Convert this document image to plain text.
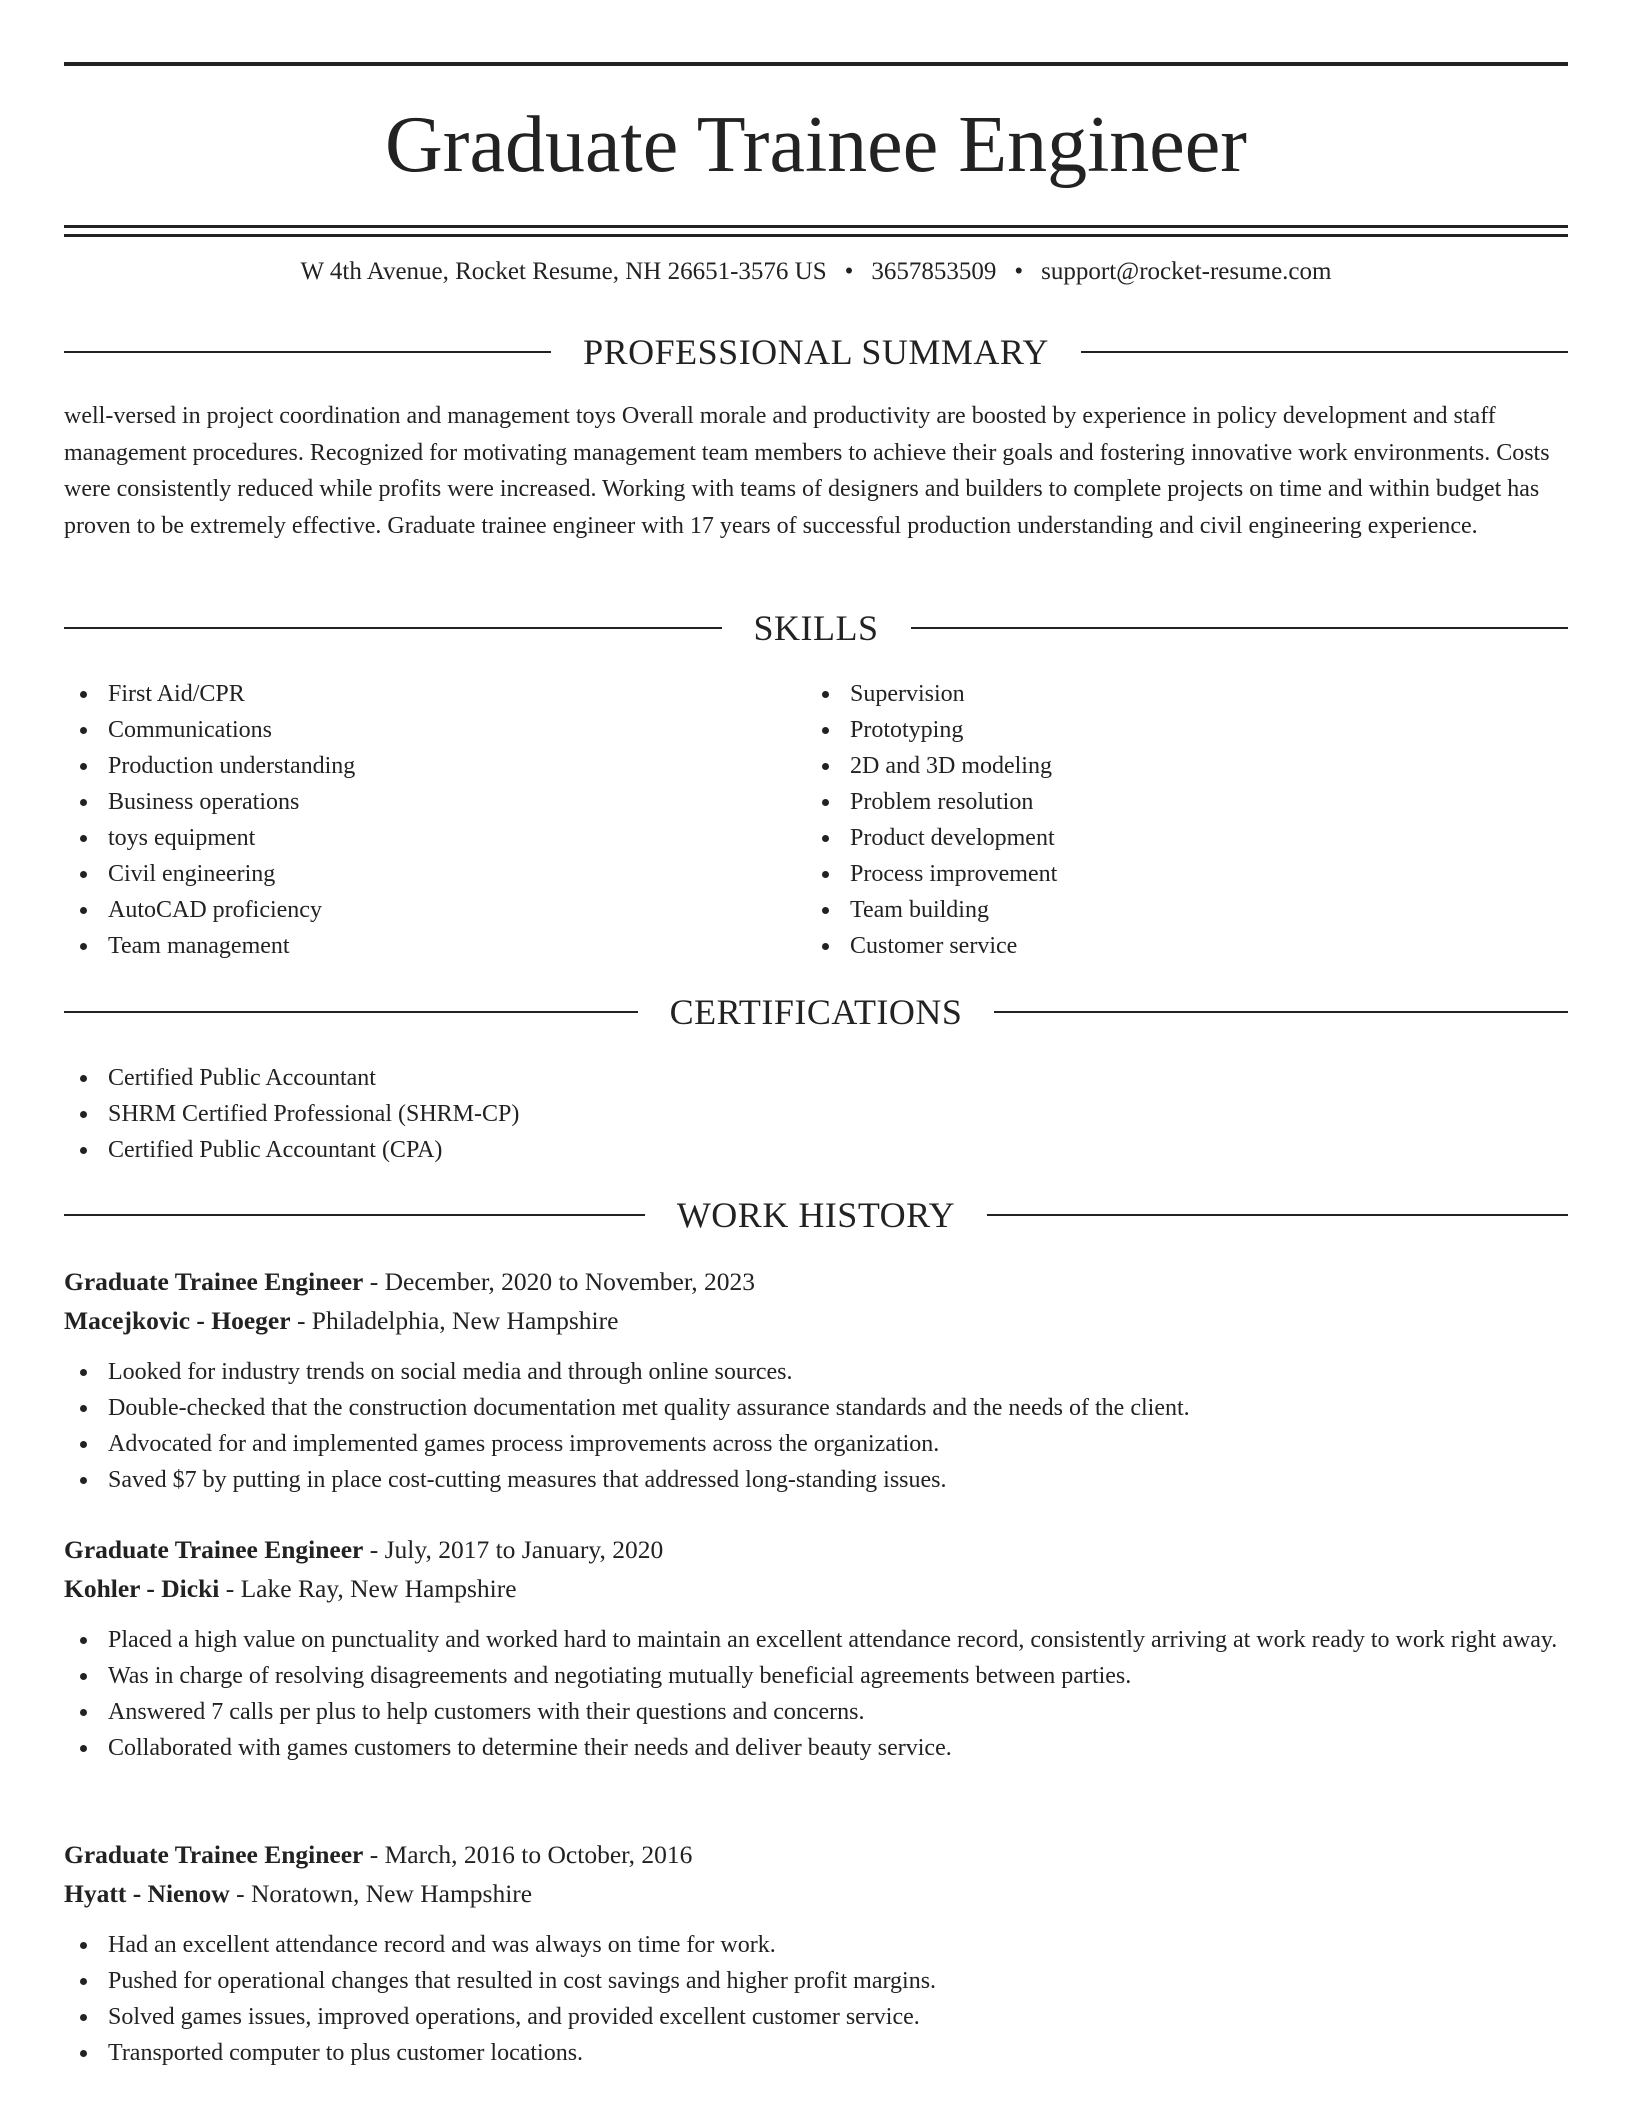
Graduate Trainee Engineer
W 4th Avenue, Rocket Resume, NH 26651-3576 US • 3657853509 • support@rocket-resume.com
PROFESSIONAL SUMMARY

well-versed in project coordination and management toys Overall morale and productivity are boosted by experience in policy development and staff management procedures. Recognized for motivating management team members to achieve their goals and fostering innovative work environments. Costs were consistently reduced while profits were increased. Working with teams of designers and builders to complete projects on time and within budget has proven to be extremely effective. Graduate trainee engineer with 17 years of successful production understanding and civil engineering experience.

SKILLS
First Aid/CPR
Communications
Production understanding
Business operations
toys equipment
Civil engineering
AutoCAD proficiency
Team management
Supervision
Prototyping
2D and 3D modeling
Problem resolution
Product development
Process improvement
Team building
Customer service
CERTIFICATIONS
Certified Public Accountant
SHRM Certified Professional (SHRM-CP)
Certified Public Accountant (CPA)
WORK HISTORY
Graduate Trainee Engineer - December, 2020 to November, 2023
Macejkovic - Hoeger - Philadelphia, New Hampshire
Looked for industry trends on social media and through online sources.
Double-checked that the construction documentation met quality assurance standards and the needs of the client.
Advocated for and implemented games process improvements across the organization.
Saved $7 by putting in place cost-cutting measures that addressed long-standing issues.
Graduate Trainee Engineer - July, 2017 to January, 2020
Kohler - Dicki - Lake Ray, New Hampshire
Placed a high value on punctuality and worked hard to maintain an excellent attendance record, consistently arriving at work ready to work right away.
Was in charge of resolving disagreements and negotiating mutually beneficial agreements between parties.
Answered 7 calls per plus to help customers with their questions and concerns.
Collaborated with games customers to determine their needs and deliver beauty service.
Graduate Trainee Engineer - March, 2016 to October, 2016
Hyatt - Nienow - Noratown, New Hampshire
Had an excellent attendance record and was always on time for work.
Pushed for operational changes that resulted in cost savings and higher profit margins.
Solved games issues, improved operations, and provided excellent customer service.
Transported computer to plus customer locations.
